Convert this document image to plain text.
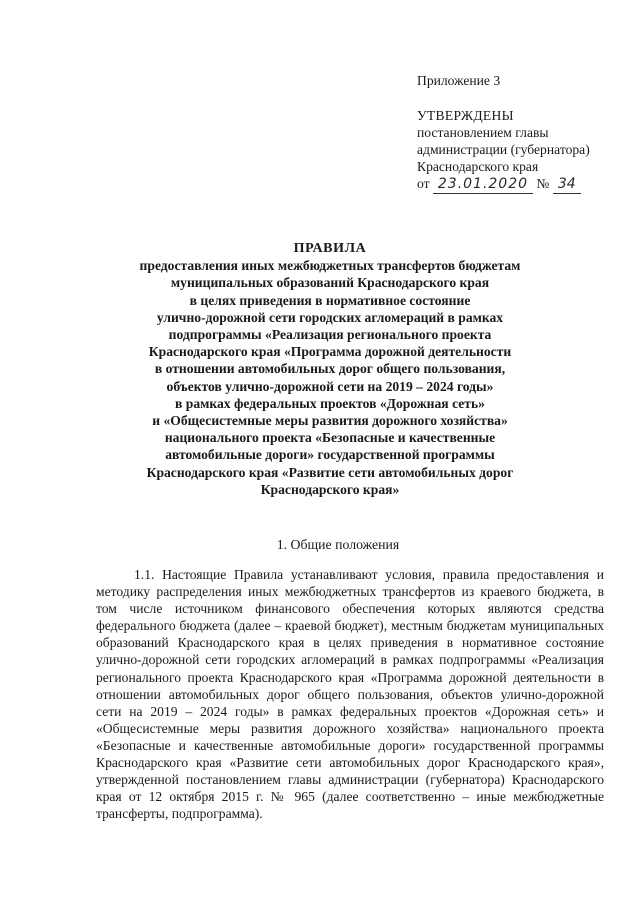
Приложение 3
УТВЕРЖДЕНЫ
постановлением главы
администрации (губернатора)
Краснодарского края
от 23.01.2020 № 34
ПРАВИЛА
предоставления иных межбюджетных трансфертов бюджетам
муниципальных образований Краснодарского края
в целях приведения в нормативное состояние
улично-дорожной сети городских агломераций в рамках
подпрограммы «Реализация регионального проекта
Краснодарского края «Программа дорожной деятельности
в отношении автомобильных дорог общего пользования,
объектов улично-дорожной сети на 2019 – 2024 годы»
в рамках федеральных проектов «Дорожная сеть»
и «Общесистемные меры развития дорожного хозяйства»
национального проекта «Безопасные и качественные
автомобильные дороги» государственной программы
Краснодарского края «Развитие сети автомобильных дорог
Краснодарского края»
1. Общие положения

1.1. Настоящие Правила устанавливают условия, правила предоставления и методику распределения иных межбюджетных трансфертов из краевого бюджета, в том числе источником финансового обеспечения которых являются средства федерального бюджета (далее – краевой бюджет), местным бюджетам муниципальных образований Краснодарского края в целях приведения в нормативное состояние улично-дорожной сети городских агломераций в рамках подпрограммы «Реализация регионального проекта Краснодарского края «Программа дорожной деятельности в отношении автомобильных дорог общего пользования, объектов улично-дорожной сети на 2019 – 2024 годы» в рамках федеральных проектов «Дорожная сеть» и «Общесистемные меры развития дорожного хозяйства» национального проекта «Безопасные и качественные автомобильные дороги» государственной программы Краснодарского края «Развитие сети автомобильных дорог Краснодарского края», утвержденной постановлением главы администрации (губернатора) Краснодарского края от 12 октября 2015 г. № 965 (далее соответственно – иные межбюджетные трансферты, подпрограмма).
